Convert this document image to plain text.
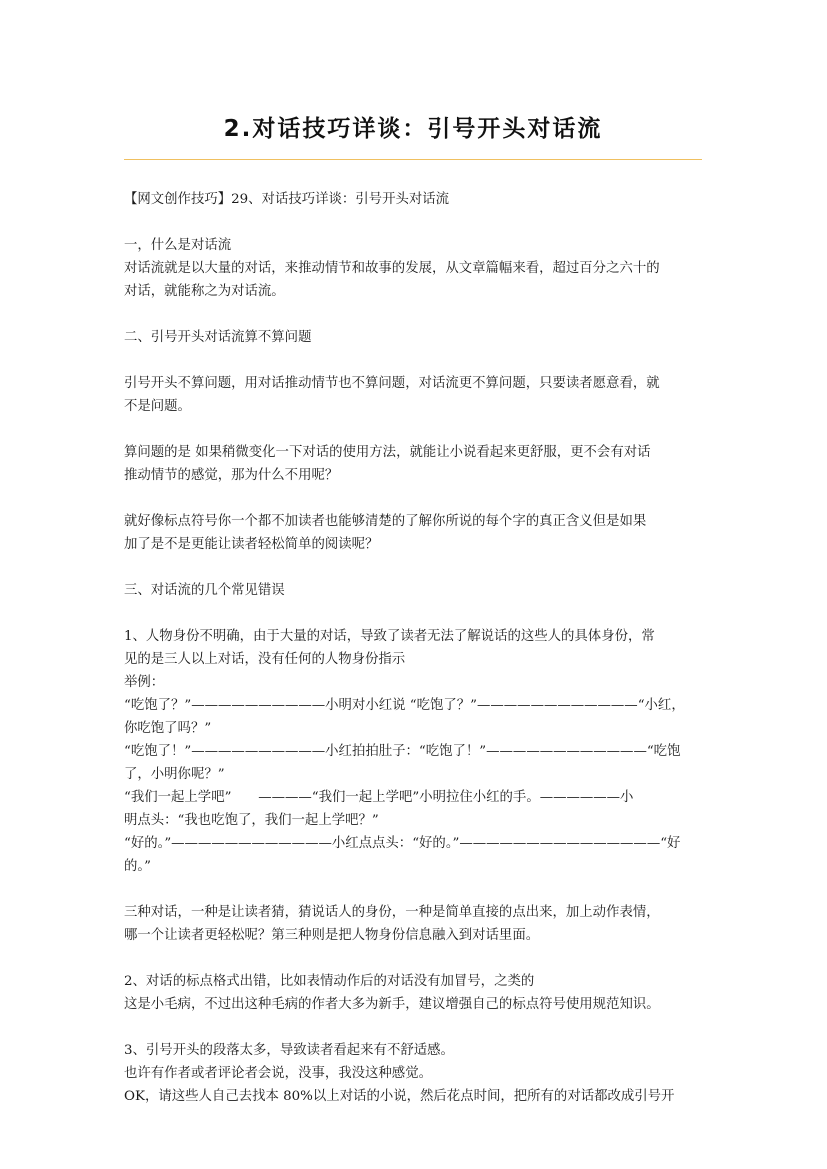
2.对话技巧详谈：引号开头对话流

【网文创作技巧】29、对话技巧详谈：引号开头对话流

一，什么是对话流

对话流就是以大量的对话，来推动情节和故事的发展，从文章篇幅来看，超过百分之六十的

对话，就能称之为对话流。

二、引号开头对话流算不算问题

引号开头不算问题，用对话推动情节也不算问题，对话流更不算问题，只要读者愿意看，就

不是问题。

算问题的是 如果稍微变化一下对话的使用方法，就能让小说看起来更舒服，更不会有对话

推动情节的感觉，那为什么不用呢？

就好像标点符号你一个都不加读者也能够清楚的了解你所说的每个字的真正含义但是如果

加了是不是更能让读者轻松简单的阅读呢？

三、对话流的几个常见错误

1、人物身份不明确，由于大量的对话，导致了读者无法了解说话的这些人的具体身份，常

见的是三人以上对话，没有任何的人物身份指示

举例：

“吃饱了？”——————————小明对小红说 “吃饱了？”————————————“小红，

你吃饱了吗？”

“吃饱了！”——————————小红拍拍肚子：“吃饱了！”————————————“吃饱

了，小明你呢？”

“我们一起上学吧”　　————“我们一起上学吧”小明拉住小红的手。——————小

明点头：“我也吃饱了，我们一起上学吧？”

“好的。”————————————小红点点头：“好的。”———————————————“好

的。”

三种对话，一种是让读者猜，猜说话人的身份，一种是简单直接的点出来，加上动作表情，

哪一个让读者更轻松呢？第三种则是把人物身份信息融入到对话里面。

2、对话的标点格式出错，比如表情动作后的对话没有加冒号，之类的

这是小毛病，不过出这种毛病的作者大多为新手，建议增强自己的标点符号使用规范知识。

3、引号开头的段落太多，导致读者看起来有不舒适感。

也许有作者或者评论者会说，没事，我没这种感觉。

OK，请这些人自己去找本 80%以上对话的小说，然后花点时间，把所有的对话都改成引号开
